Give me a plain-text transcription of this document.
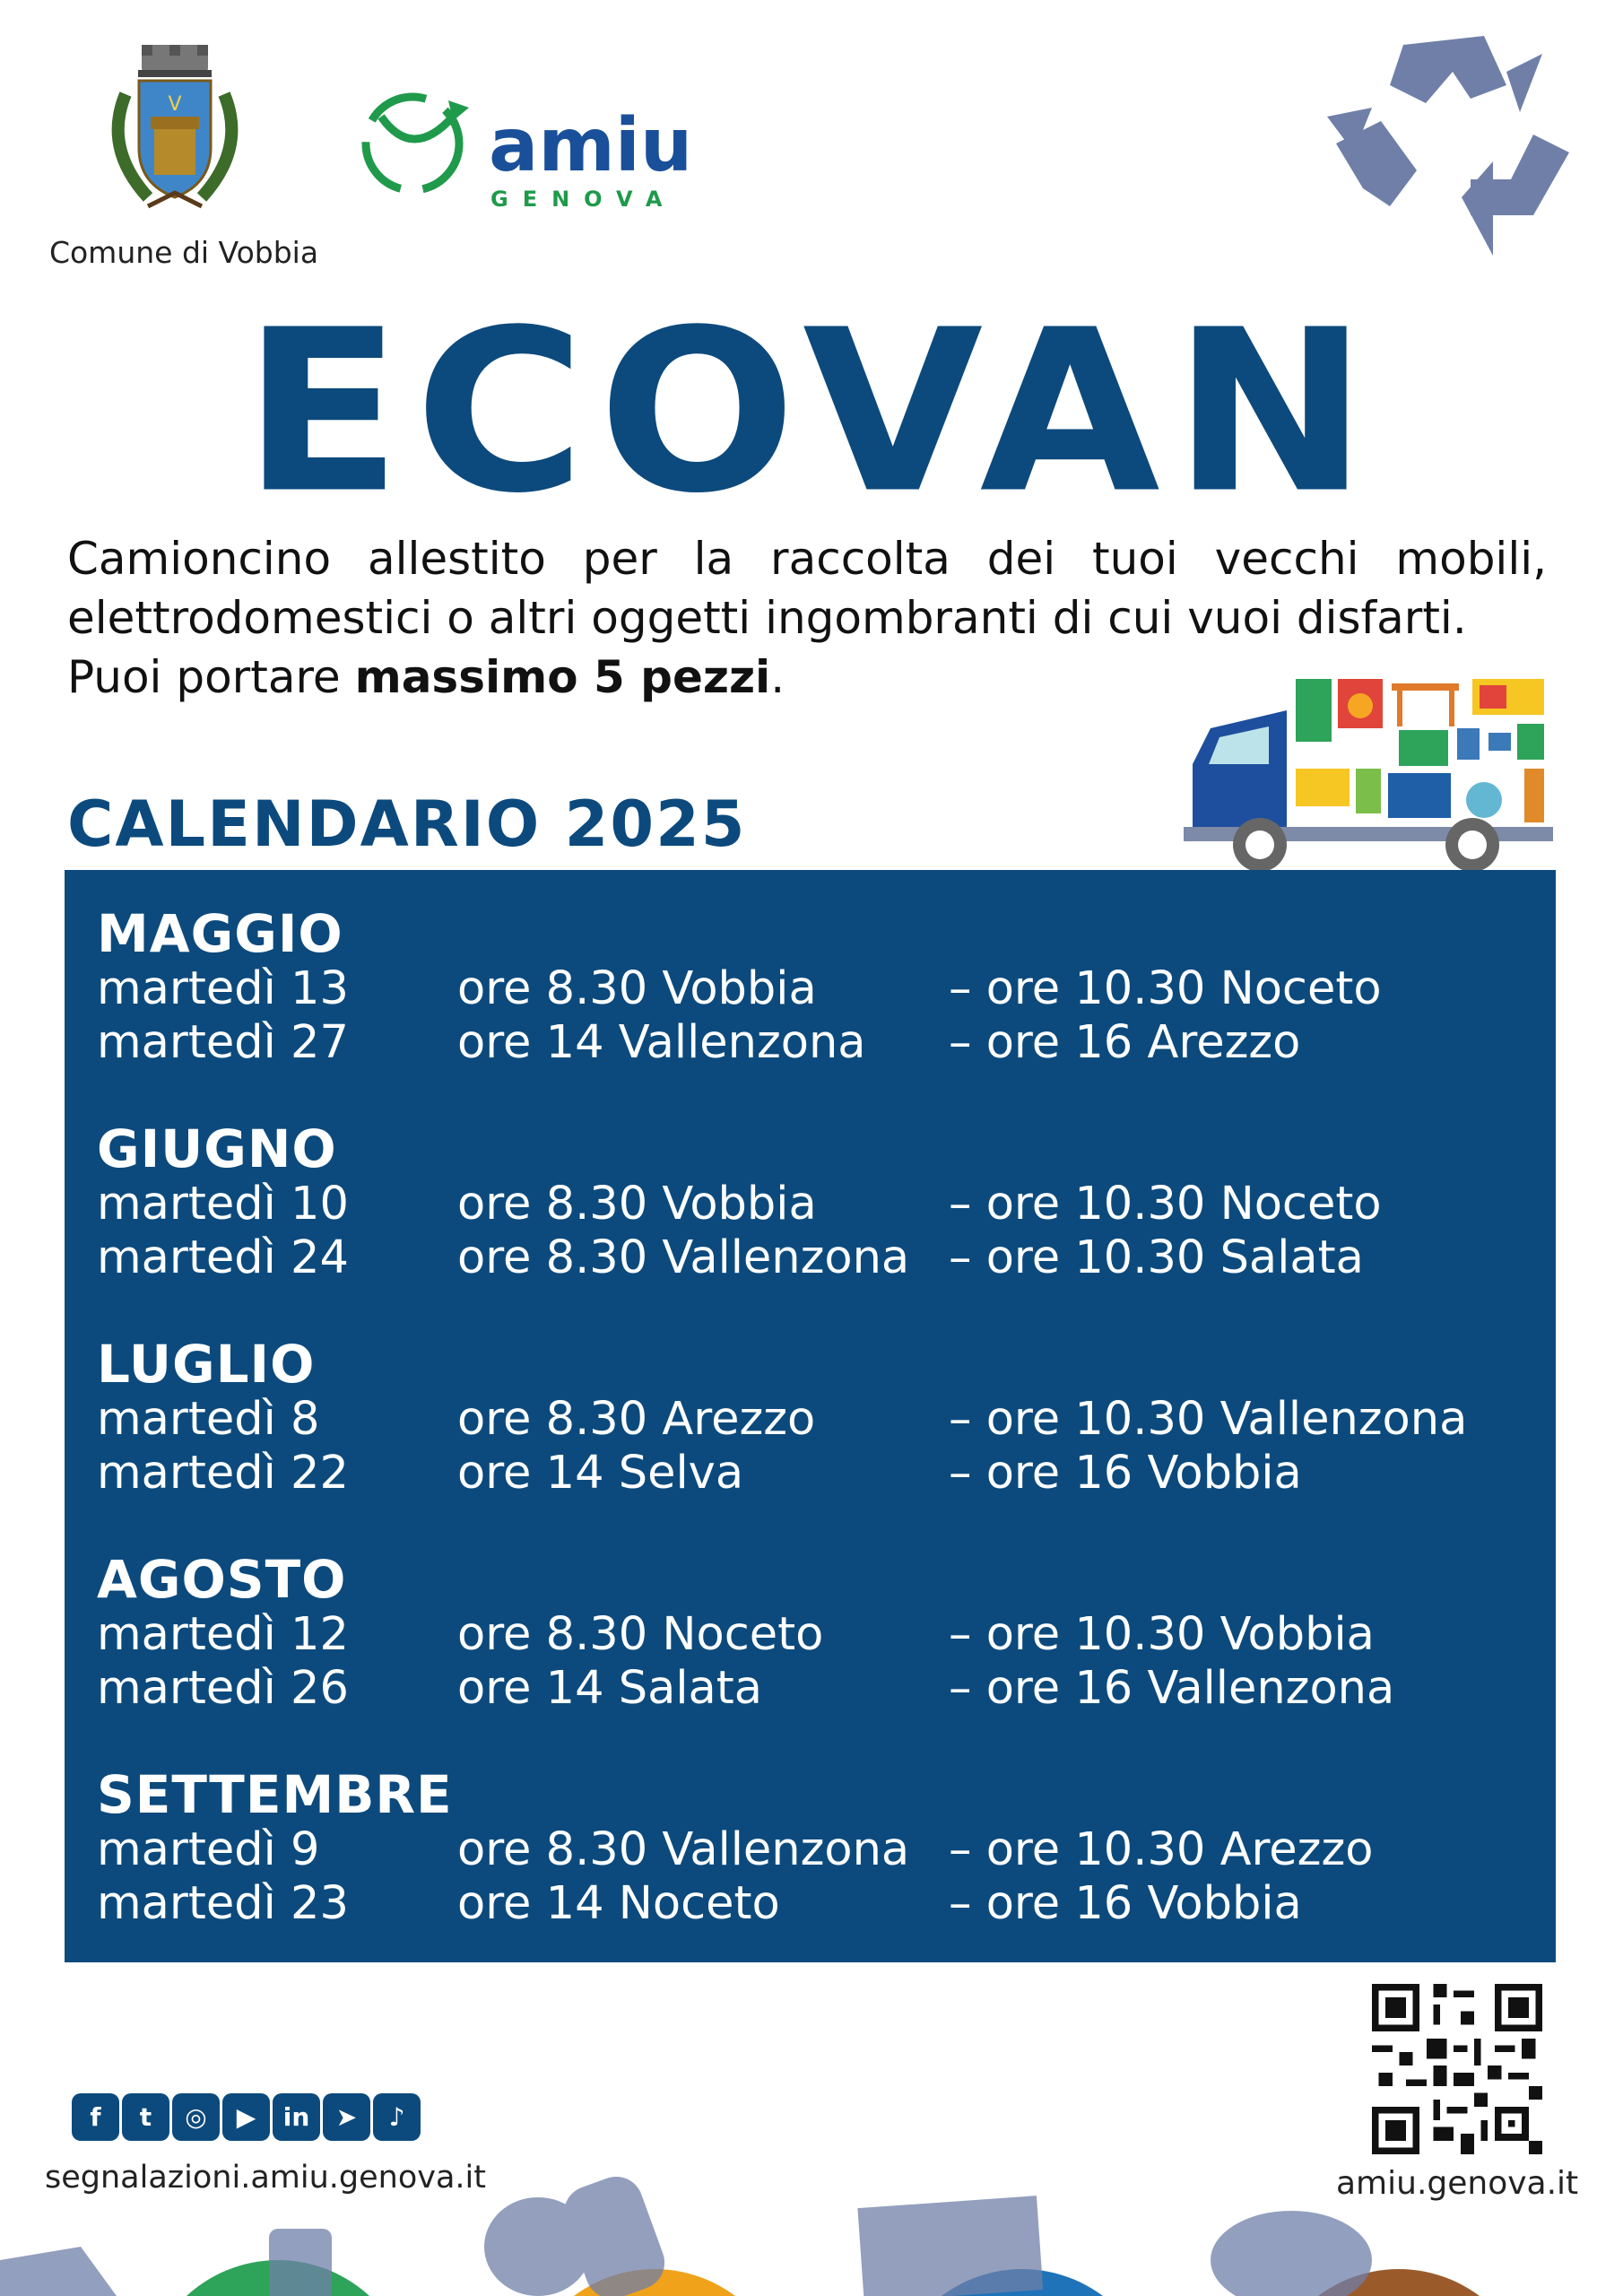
V
Comune di Vobbia
amiu
GENOVA
ECOVAN
Camioncino allestito per la raccolta dei tuoi vecchi mobili, elettrodomestici o altri oggetti ingombranti di cui vuoi disfarti.
Puoi portare massimo 5 pezzi.
CALENDARIO 2025
MAGGIO
martedì 13 ore 8.30 Vobbia	– ore 10.30 Noceto
martedì 27 ore 14 Vallenzona – ore 16 Arezzo
GIUGNO
martedì 10 ore 8.30 Vobbia	– ore 10.30 Noceto
martedì 24 ore 8.30 Vallenzona – ore 10.30 Salata
LUGLIO
martedì 8	ore 8.30 Arezzo	– ore 10.30 Vallenzona
martedì 22 ore 14 Selva	– ore 16 Vobbia
AGOSTO
martedì 12 ore 8.30 Noceto	– ore 10.30 Vobbia
martedì 26 ore 14 Salata	– ore 16 Vallenzona
SETTEMBRE
martedì 9	ore 8.30 Vallenzona – ore 10.30 Arezzo
martedì 23 ore 14 Noceto	– ore 16 Vobbia
f	t	◎	▶	in	➤	♪
segnalazioni.amiu.genova.it	amiu.genova.it
